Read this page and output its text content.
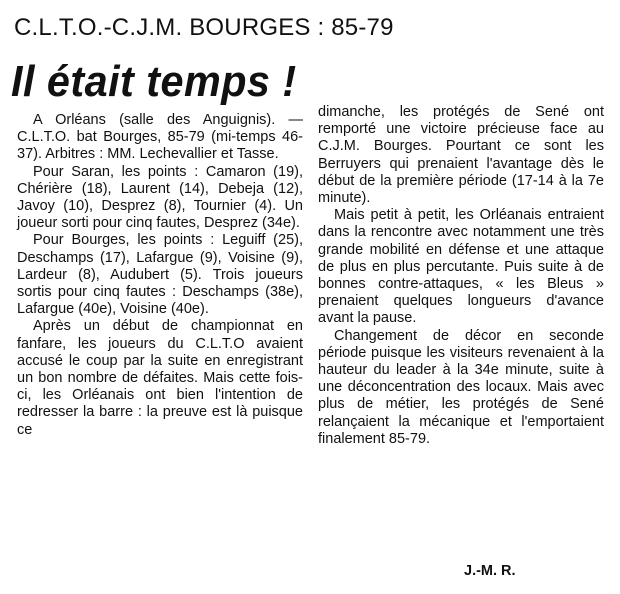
C.L.T.O.-C.J.M. BOURGES : 85-79
Il était temps !

A Orléans (salle des Anguignis). — C.L.T.O. bat Bourges, 85-79 (mi-temps 46-37). Arbitres : MM. Lechevallier et Tasse.

Pour Saran, les points : Camaron (19), Chérière (18), Laurent (14), Debeja (12), Javoy (10), Desprez (8), Tournier (4). Un joueur sorti pour cinq fautes, Desprez (34e).

Pour Bourges, les points : Leguiff (25), Deschamps (17), Lafargue (9), Voisine (9), Lardeur (8), Audubert (5). Trois joueurs sortis pour cinq fautes : Deschamps (38e), Lafargue (40e), Voisine (40e).

Après un début de championnat en fanfare, les joueurs du C.L.T.O avaient accusé le coup par la suite en enregistrant un bon nombre de défaites. Mais cette fois-ci, les Orléanais ont bien l'intention de redresser la barre : la preuve est là puisque ce

dimanche, les protégés de Sené ont remporté une victoire précieuse face au C.J.M. Bourges. Pourtant ce sont les Berruyers qui prenaient l'avantage dès le début de la première période (17-14 à la 7e minute).

Mais petit à petit, les Orléanais entraient dans la rencontre avec notamment une très grande mobilité en défense et une attaque de plus en plus percutante. Puis suite à de bonnes contre-attaques, « les Bleus » prenaient quelques longueurs d'avance avant la pause.

Changement de décor en seconde période puisque les visiteurs revenaient à la hauteur du leader à la 34e minute, suite à une déconcentration des locaux. Mais avec plus de métier, les protégés de Sené relançaient la mécanique et l'emportaient finalement 85-79.

J.-M. R.
